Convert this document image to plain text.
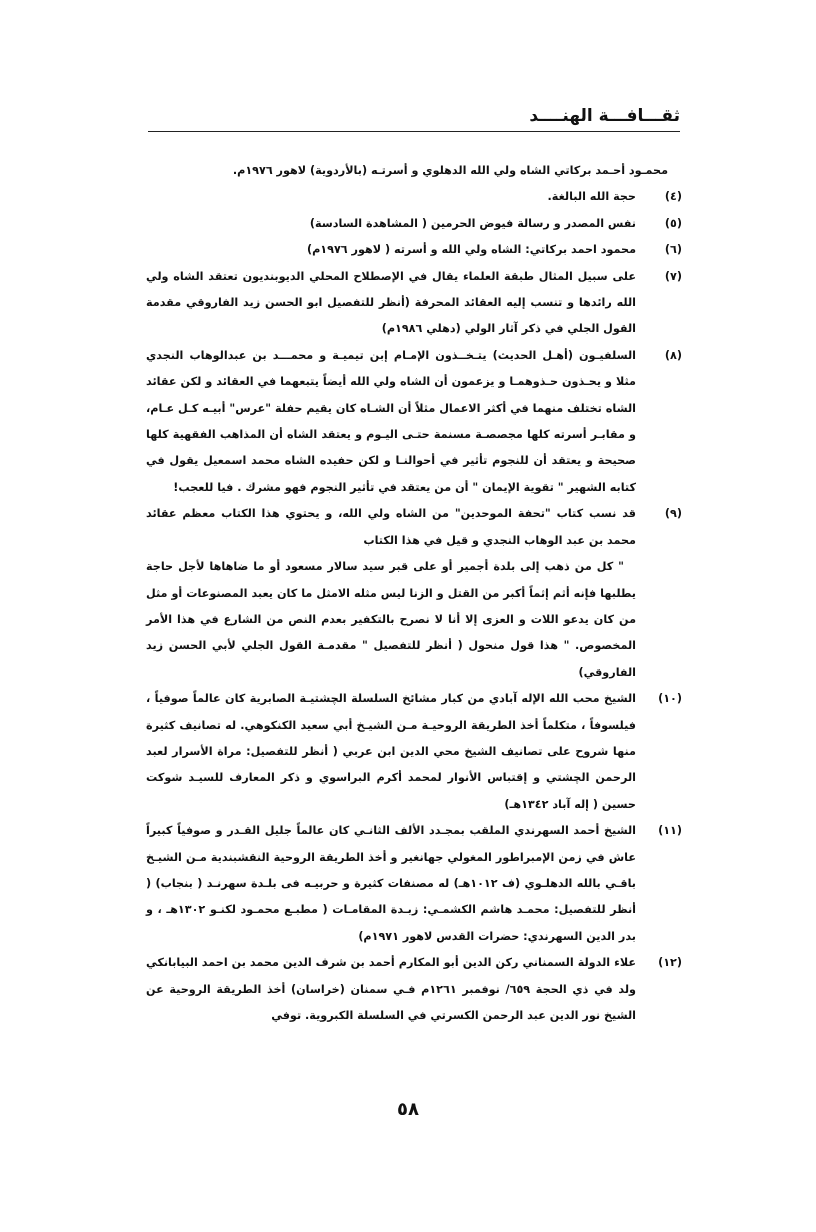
ثقـــافـــة الهنــــد

محمـود أحـمد بركاتي الشاه ولي الله الدهلوي و أسرتـه (بالأردوية) لاهور ١٩٧٦م.

(٤)

حجة الله البالغة.

(٥)

نفس المصدر و رسالة فيوض الحرمين ( المشاهدة السادسة)

(٦)

محمود احمد بركاتي: الشاه ولي الله و أسرته ( لاهور ١٩٧٦م)

(٧)

على سبيل المثال طبقة العلماء يقال في الإصطلاح المحلي الديوبنديون تعتقد الشاه ولي الله رائدها و تنسب إليه العقائد المحرفة (أنظر للتفصيل ابو الحسن زيد الفاروقي مقدمة القول الجلي في ذكر آثار الولي (دهلي ١٩٨٦م)

(٨)

السلفيـون (أهـل الحديث) يتـخــذون الإمـام إبن تيميـة و محمـــد بن عبدالوهاب النجدي مثلا و يحـذون حـذوهمـا و يزعمون أن الشاه ولي الله أيضاً يتبعهما في العقائد و لكن عقائد الشاه تختلف منهما في أكثر الاعمال مثلاً أن الشـاه كان يقيم حفلة "عرس" أبيـه كـل عـام، و مقابـر أسرته كلها مجصصـة مسنمة حتـى اليـوم و يعتقد الشاه أن المذاهب الفقهية كلها صحيحة و يعتقد أن للنجوم تأثير في أحوالنـا و لكن حفيده الشاه محمد اسمعيل يقول في كتابه الشهير " تقوية الإيمان " أن من يعتقد في تأثير النجوم فهو مشرك . فيا للعجب!

(٩)

قد نسب كتاب "تحفة الموحدين" من الشاه ولي الله، و يحتوي هذا الكتاب معظم عقائد محمد بن عبد الوهاب النجدي و قيل في هذا الكتاب

" كل من ذهب إلى بلدة أجمير أو على قبر سيد سالار مسعود أو ما ضاهاها لأجل حاجة يطلبها فإنه أثم إثماً أكبر من القتل و الزنا ليس مثله الامثل ما كان يعبد المصنوعات أو مثل من كان يدعو اللات و العزى إلا أنا لا نصرح بالتكفير بعدم النص من الشارع في هذا الأمر المخصوص. " هذا قول منحول ( أنظر للتفصيل " مقدمـة القول الجلي لأبي الحسن زيد الفاروقي)

(١٠)

الشيخ محب الله الإله آبادي من كبار مشائخ السلسلة الچشتيـة الصابرية كان عالماً صوفياً ، فيلسوفاً ، متكلماً أخذ الطريقة الروحيـة مـن الشيـخ أبي سعيد الكنكوهي. له تصانيف كثيرة منها شروح على تصانيف الشيخ محي الدين ابن عربي ( أنظر للتفصيل: مراة الأسرار لعبد الرحمن الچشتي و إقتباس الأنوار لمحمد أكرم البراسوي و ذكر المعارف للسيـد شوكت حسين ( إله آباد ١٣٤٢هـ)

(١١)

الشيخ أحمد السهرندي الملقب بمجـدد الألف الثانـي كان عالماً جليل القـدر و صوفياً كبيراً عاش في زمن الإمبراطور المغولي جهانغير و أخذ الطريقة الروحية النقشبندية مـن الشيـخ باقـي بالله الدهلـوي (ف ١٠١٢هـ) له مصنفات كثيرة و حربيـه فى بلـدة سهرنـد ( بنجاب) ( أنظر للتفصيل: محمـد هاشم الكشمـي: زبـدة المقامـات ( مطبـع محمـود لكنـو ١٣٠٢هـ ، و بدر الدين السهرندي: حضرات القدس لاهور ١٩٧١م)

(١٢)

علاء الدولة السمناني ركن الدين أبو المكارم أحمد بن شرف الدين محمد بن احمد البيابانكي ولد في ذي الحجة ٦٥٩/ نوفمبر ١٢٦١م فـي سمنان (خراسان) أخذ الطريقة الروحية عن الشيخ نور الدين عبد الرحمن الكسرتي في السلسلة الكبروية. توفي

٥٨
